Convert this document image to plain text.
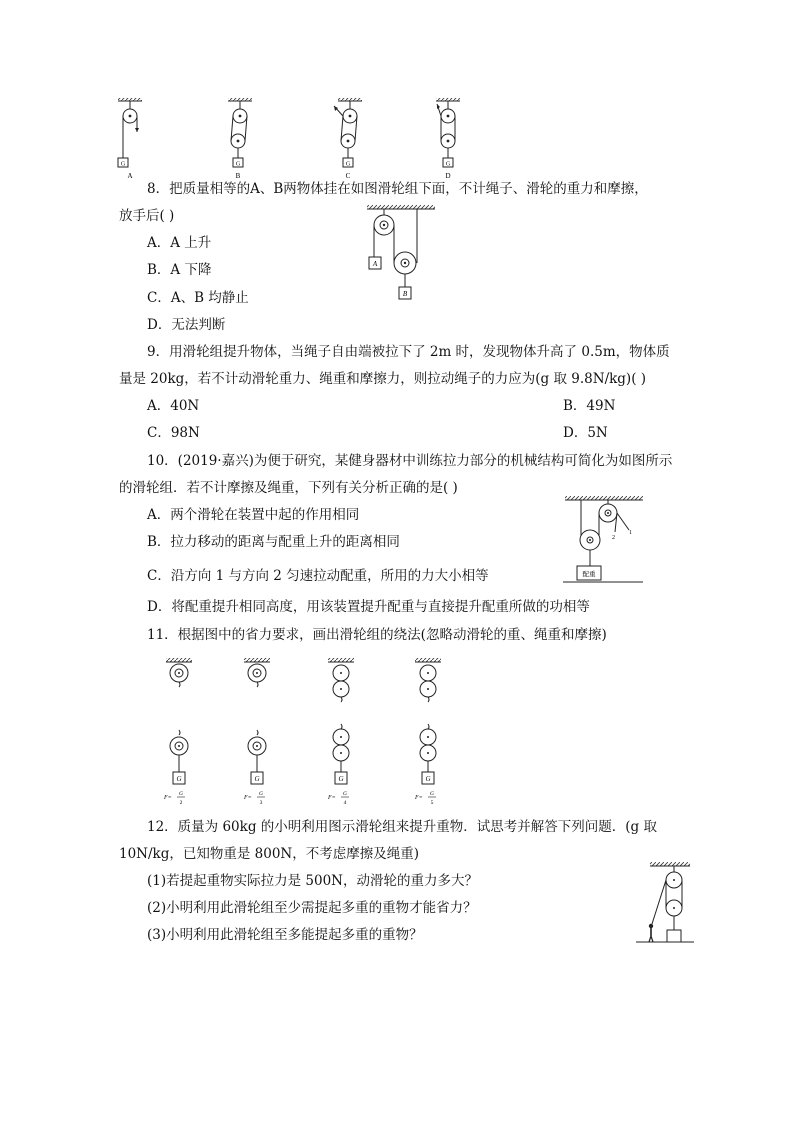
G
A
G
B
G
C
G
D
8．把质量相等的A、B两物体挂在如图滑轮组下面，不计绳子、滑轮的重力和摩擦，
放手后( )
A．A 上升
B．A 下降
C．A、B 均静止
D．无法判断
A
B
9．用滑轮组提升物体，当绳子自由端被拉下了 2m 时，发现物体升高了 0.5m，物体质
量是 20kg，若不计动滑轮重力、绳重和摩擦力，则拉动绳子的力应为(g 取 9.8N/kg)( )
A．40N	B．49N
C．98N	D．5N
10．(2019·嘉兴)为便于研究，某健身器材中训练拉力部分的机械结构可简化为如图所示
的滑轮组．若不计摩擦及绳重，下列有关分析正确的是( )
A．两个滑轮在装置中起的作用相同
B．拉力移动的距离与配重上升的距离相同
C．沿方向 1 与方向 2 匀速拉动配重，所用的力大小相等
D．将配重提升相同高度，用该装置提升配重与直接提升配重所做的功相等
1
2
配重
11．根据图中的省力要求，画出滑轮组的绕法(忽略动滑轮的重、绳重和摩擦)
G
F=
G
2
G
F=
G
3
G
F=
G
4
G
F=
G
5
12．质量为 60kg 的小明利用图示滑轮组来提升重物．试思考并解答下列问题．(g 取
10N/kg，已知物重是 800N，不考虑摩擦及绳重)
(1)若提起重物实际拉力是 500N，动滑轮的重力多大？
(2)小明利用此滑轮组至少需提起多重的重物才能省力？
(3)小明利用此滑轮组至多能提起多重的重物？
